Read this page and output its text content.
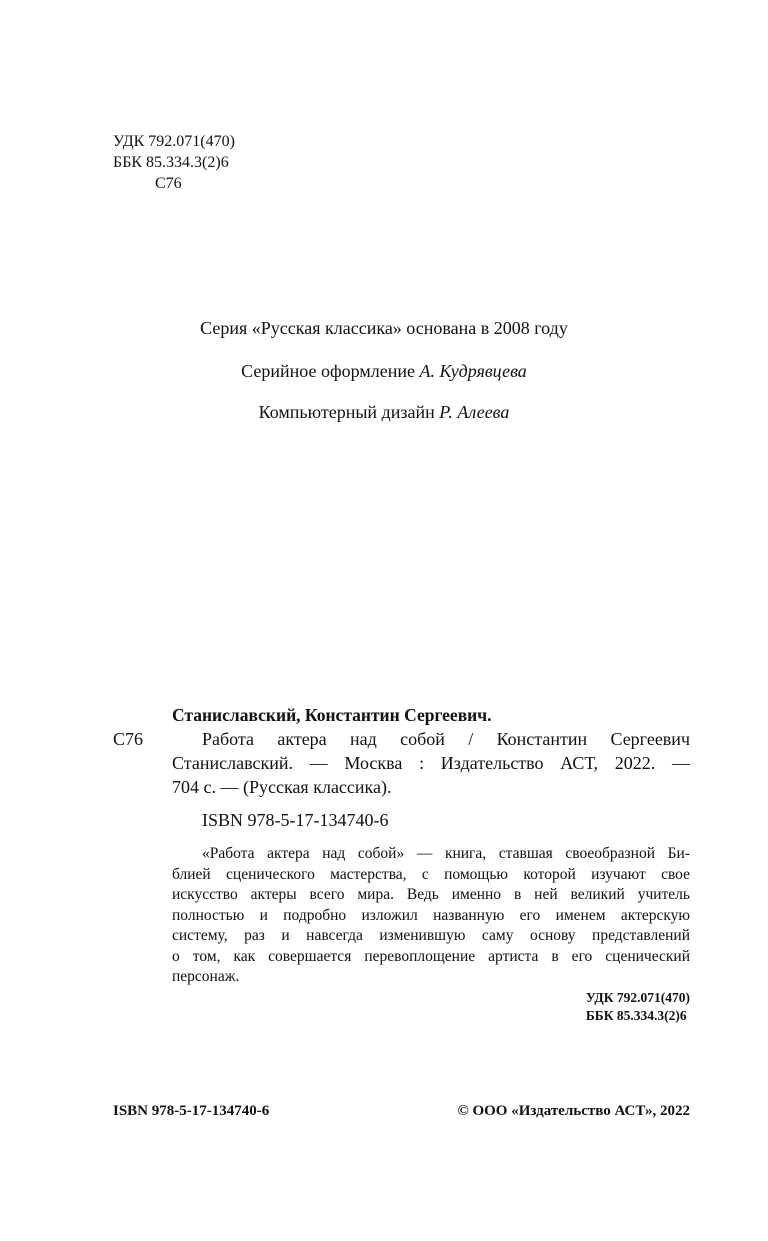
УДК 792.071(470)
ББК 85.334.3(2)6
С76
Серия «Русская классика» основана в 2008 году
Серийное оформление А. Кудрявцева
Компьютерный дизайн Р. Алеева
Станиславский, Константин Сергеевич.
С76	Работа актера над собой / Константин Сергеевич
Станиславский. — Москва : Издательство АСТ, 2022. —
704 с. — (Русская классика).
ISBN 978-5-17-134740-6
«Работа актера над собой» — книга, ставшая своеобразной Би-
блией сценического мастерства, с помощью которой изучают свое
искусство актеры всего мира. Ведь именно в ней великий учитель
полностью и подробно изложил названную его именем актерскую
систему, раз и навсегда изменившую саму основу представлений
о том, как совершается перевоплощение артиста в его сценический
персонаж.
УДК 792.071(470)
ББК 85.334.3(2)6
ISBN 978-5-17-134740-6	© ООО «Издательство АСТ», 2022
